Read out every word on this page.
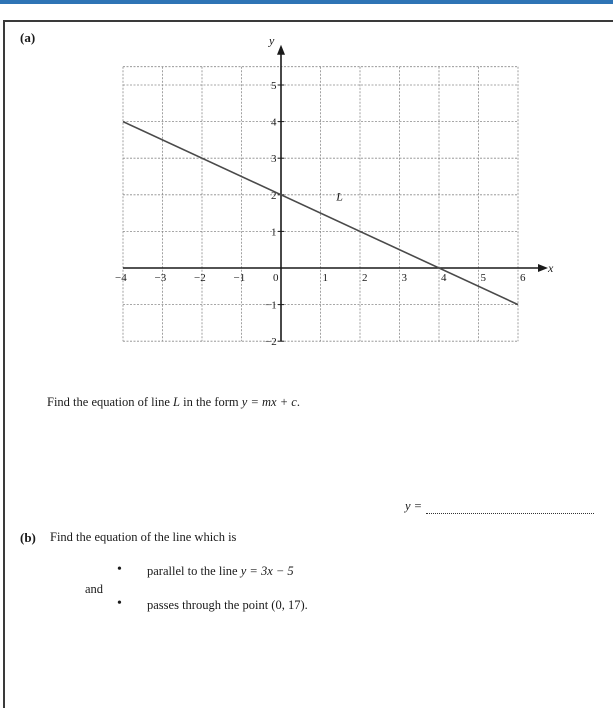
(a)
x
y
−4	−3	−2	−1	0	1	2	3	4	5	6
−2
−1
1
2
3
4
5
L
Find the equation of line L in the form y = mx + c.
y =
(b) Find the equation of the line which is
• parallel to the line y = 3x − 5
and
• passes through the point (0, 17).
